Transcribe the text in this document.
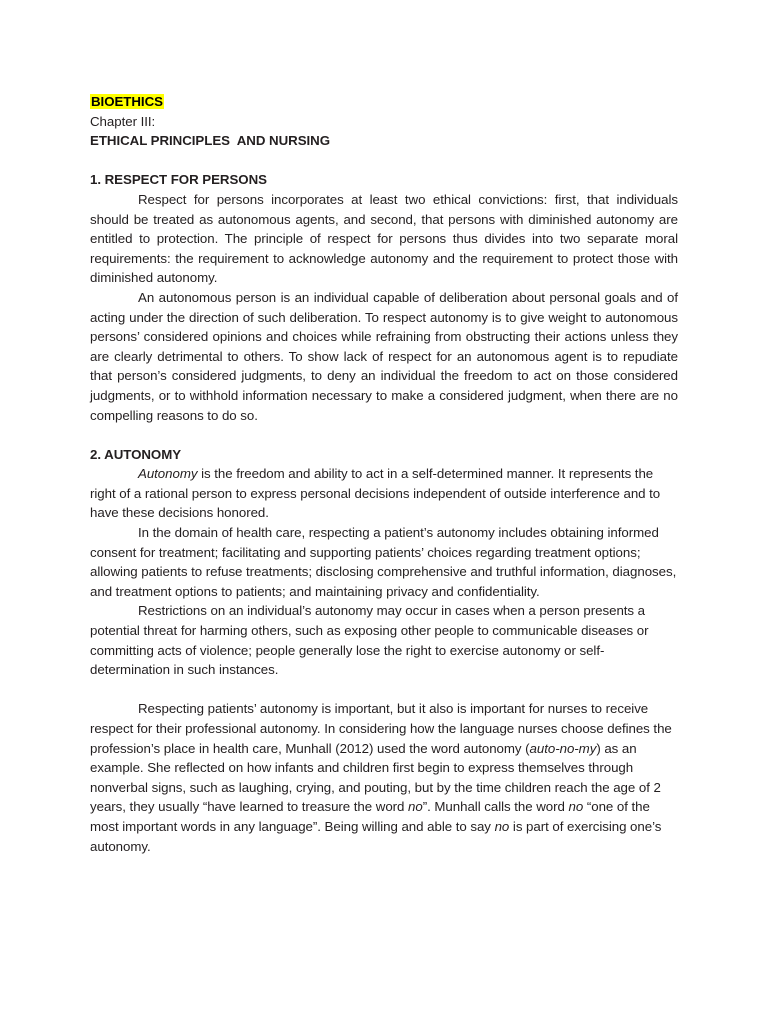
BIOETHICS
Chapter III:
ETHICAL PRINCIPLES  AND NURSING
1. RESPECT FOR PERSONS

Respect for persons incorporates at least two ethical convictions: first, that individuals should be treated as autonomous agents, and second, that persons with diminished autonomy are entitled to protection. The principle of respect for persons thus divides into two separate moral requirements: the requirement to acknowledge autonomy and the requirement to protect those with diminished autonomy.

An autonomous person is an individual capable of deliberation about personal goals and of acting under the direction of such deliberation. To respect autonomy is to give weight to autonomous persons’ considered opinions and choices while refraining from obstructing their actions unless they are clearly detrimental to others. To show lack of respect for an autonomous agent is to repudiate that person’s considered judgments, to deny an individual the freedom to act on those considered judgments, or to withhold information necessary to make a considered judgment, when there are no compelling reasons to do so.

2. AUTONOMY

Autonomy is the freedom and ability to act in a self-determined manner. It represents the right of a rational person to express personal decisions independent of outside interference and to have these decisions honored.

In the domain of health care, respecting a patient’s autonomy includes obtaining informed consent for treatment; facilitating and supporting patients’ choices regarding treatment options; allowing patients to refuse treatments; disclosing comprehensive and truthful information, diagnoses, and treatment options to patients; and maintaining privacy and confidentiality.

Restrictions on an individual’s autonomy may occur in cases when a person presents a potential threat for harming others, such as exposing other people to communicable diseases or committing acts of violence; people generally lose the right to exercise autonomy or self-determination in such instances.

Respecting patients’ autonomy is important, but it also is important for nurses to receive respect for their professional autonomy. In considering how the language nurses choose defines the profession’s place in health care, Munhall (2012) used the word autonomy (auto-no-my) as an example. She reflected on how infants and children first begin to express themselves through nonverbal signs, such as laughing, crying, and pouting, but by the time children reach the age of 2 years, they usually “have learned to treasure the word no”. Munhall calls the word no “one of the most important words in any language”. Being willing and able to say no is part of exercising one’s autonomy.
